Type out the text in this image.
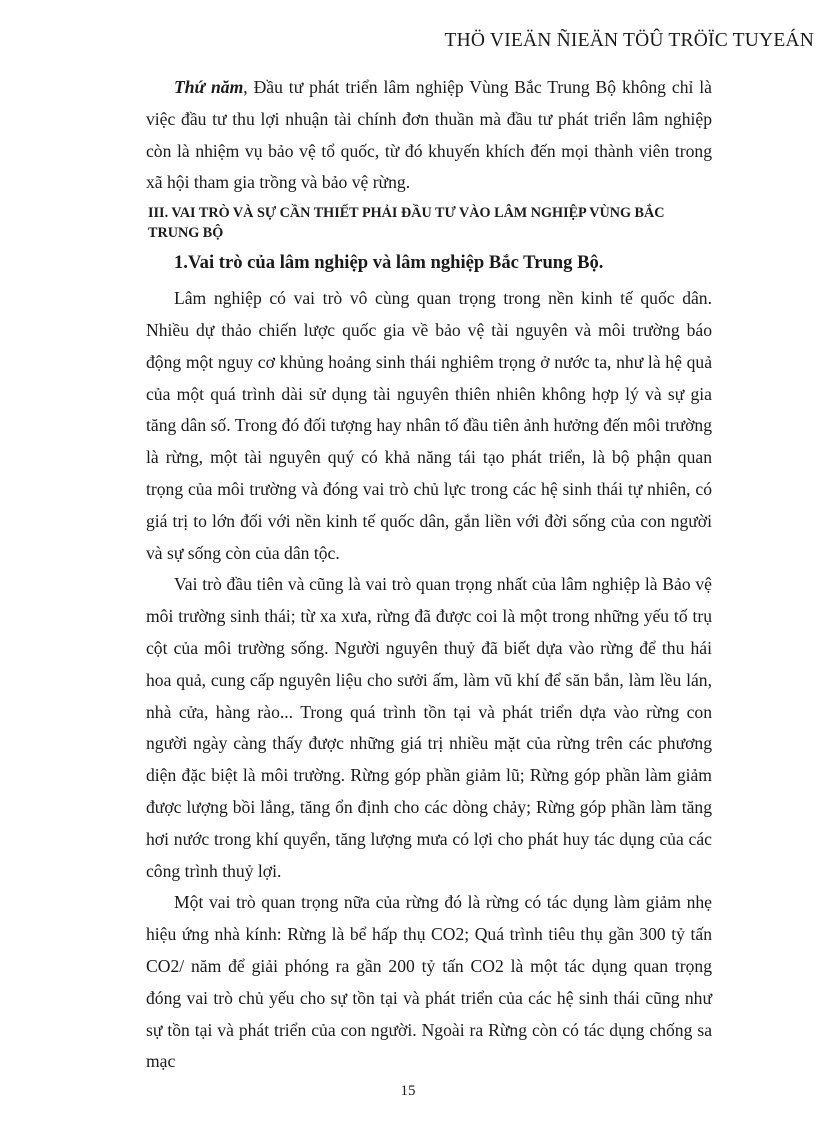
THÖ VIEÄN ÑIEÄN TÖÛ TRÖÏC TUYEÁN

Thứ năm, Đầu tư phát triển lâm nghiệp Vùng Bắc Trung Bộ không chỉ là việc đầu tư thu lợi nhuận tài chính đơn thuần mà đầu tư phát triển lâm nghiệp còn là nhiệm vụ bảo vệ tổ quốc, từ đó khuyến khích đến mọi thành viên trong xã hội tham gia trồng và bảo vệ rừng.

III. VAI TRÒ VÀ SỰ CẦN THIẾT PHẢI ĐẦU TƯ VÀO LÂM NGHIỆP VÙNG BẮC TRUNG BỘ
1.Vai trò của lâm nghiệp và lâm nghiệp Bắc Trung Bộ.

Lâm nghiệp có vai trò vô cùng quan trọng trong nền kinh tế quốc dân. Nhiều dự thảo chiến lược quốc gia về bảo vệ tài nguyên và môi trường báo động một nguy cơ khủng hoảng sinh thái nghiêm trọng ở nước ta, như là hệ quả của một quá trình dài sử dụng tài nguyên thiên nhiên không hợp lý và sự gia tăng dân số. Trong đó đối tượng hay nhân tố đầu tiên ảnh hưởng đến môi trường là rừng, một tài nguyên quý có khả năng tái tạo phát triển, là bộ phận quan trọng của môi trường và đóng vai trò chủ lực trong các hệ sinh thái tự nhiên, có giá trị to lớn đối với nền kinh tế quốc dân, gắn liền với đời sống của con người và sự sống còn của dân tộc.

Vai trò đầu tiên và cũng là vai trò quan trọng nhất của lâm nghiệp là Bảo vệ môi trường sinh thái; từ xa xưa, rừng đã được coi là một trong những yếu tố trụ cột của môi trường sống. Người nguyên thuỷ đã biết dựa vào rừng để thu hái hoa quả, cung cấp nguyên liệu cho sưởi ấm, làm vũ khí để săn bắn, làm lều lán, nhà cửa, hàng rào... Trong quá trình tồn tại và phát triển dựa vào rừng con người ngày càng thấy được những giá trị nhiều mặt của rừng trên các phương diện đặc biệt là môi trường. Rừng góp phần giảm lũ; Rừng góp phần làm giảm được lượng bồi lắng, tăng ổn định cho các dòng chảy; Rừng góp phần làm tăng hơi nước trong khí quyển, tăng lượng mưa có lợi cho phát huy tác dụng của các công trình thuỷ lợi.

Một vai trò quan trọng nữa của rừng đó là rừng có tác dụng làm giảm nhẹ hiệu ứng nhà kính: Rừng là bể hấp thụ CO2; Quá trình tiêu thụ gần 300 tỷ tấn CO2/ năm để giải phóng ra gần 200 tỷ tấn CO2 là một tác dụng quan trọng đóng vai trò chủ yếu cho sự tồn tại và phát triển của các hệ sinh thái cũng như sự tồn tại và phát triển của con người. Ngoài ra Rừng còn có tác dụng chống sa mạc

15
